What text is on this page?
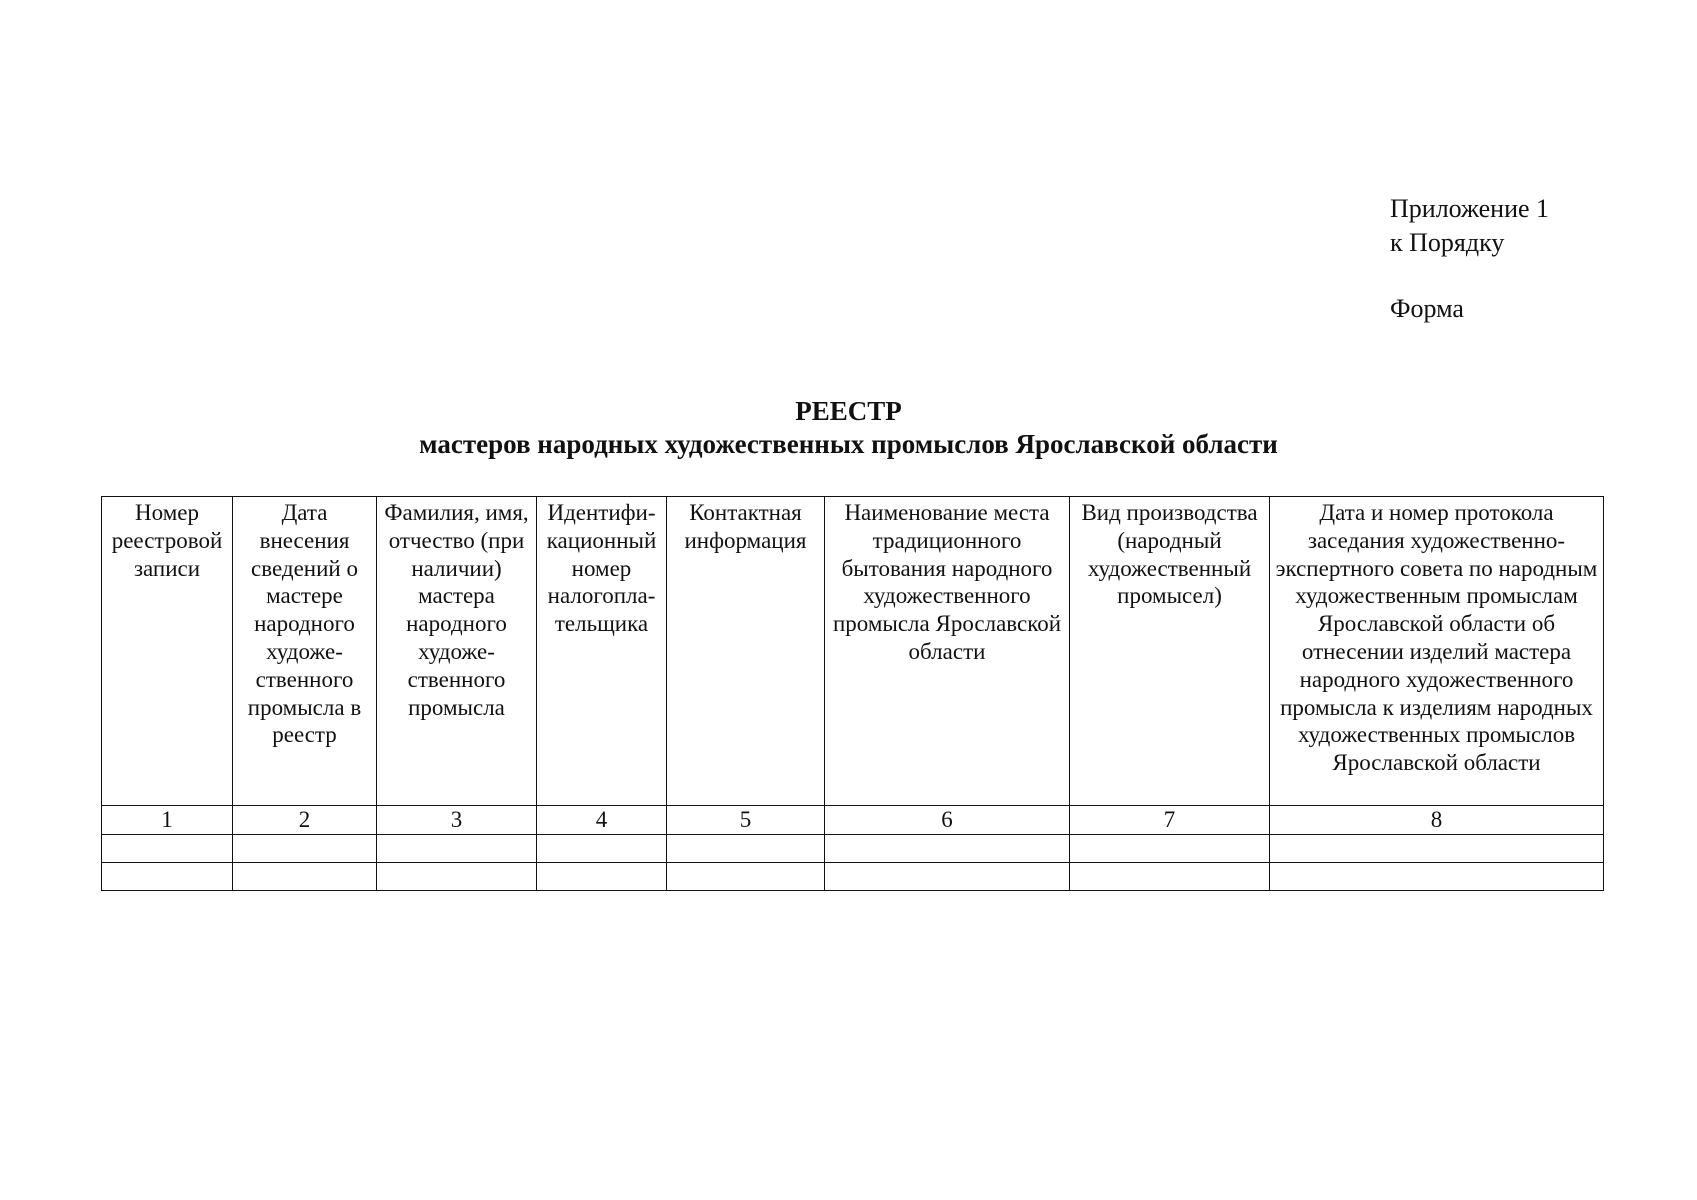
Приложение 1
к Порядку
Форма
РЕЕСТР
мастеров народных художественных промыслов Ярославской области
Номер реестровой записи	Дата внесения сведений о мастере народного художе-ственного промысла в реестр	Фамилия, имя, отчество (при наличии) мастера народного художе-ственного промысла	Идентифи-кационный номер налогопла-тельщика	Контактная информация	Наименование места традиционного бытования народного художественного промысла Ярославской области	Вид производства (народный художественный промысел)	Дата и номер протокола заседания художественно-экспертного совета по народным художественным промыслам Ярославской области об отнесении изделий мастера народного художественного промысла к изделиям народных художественных промыслов Ярославской области
1	2	3	4	5	6	7	8
